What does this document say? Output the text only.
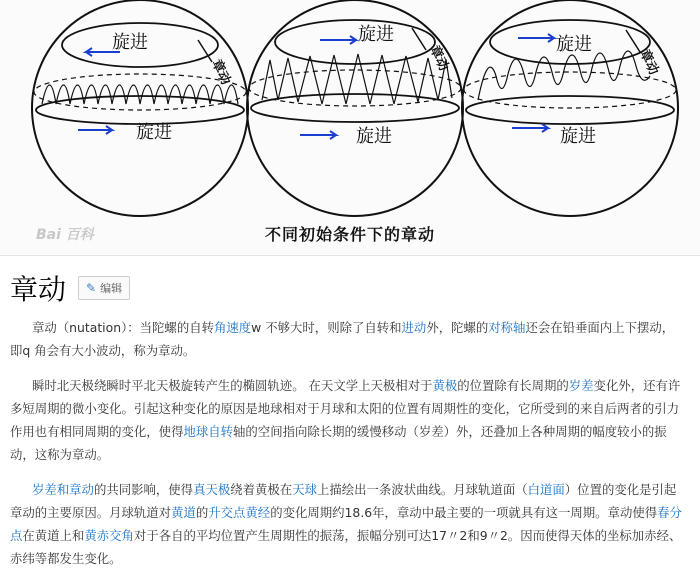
旋进
旋进
章动
旋进
旋进
章动	旋进
旋进
章动
Bai 百科	不同初始条件下的章动
章动 ✎ 编辑

章动（nutation）：当陀螺的自转角速度w 不够大时，则除了自转和进动外，陀螺的对称轴还会在铅垂面内上下摆动，即q 角会有大小波动，称为章动。

瞬时北天极绕瞬时平北天极旋转产生的椭圆轨迹。 在天文学上天极相对于黄极的位置除有长周期的岁差变化外，还有许多短周期的微小变化。引起这种变化的原因是地球相对于月球和太阳的位置有周期性的变化，它所受到的来自后两者的引力作用也有相同周期的变化，使得地球自转轴的空间指向除长期的缓慢移动（岁差）外，还叠加上各种周期的幅度较小的振动，这称为章动。

岁差和章动的共同影响，使得真天极绕着黄极在天球上描绘出一条波状曲线。月球轨道面（白道面）位置的变化是引起章动的主要原因。月球轨道对黄道的升交点黄经的变化周期约18.6年，章动中最主要的一项就具有这一周期。章动使得春分点在黄道上和黄赤交角对于各自的平均位置产生周期性的振荡，振幅分别可达17〃2和9〃2。因而使得天体的坐标加赤经、赤纬等都发生变化。
